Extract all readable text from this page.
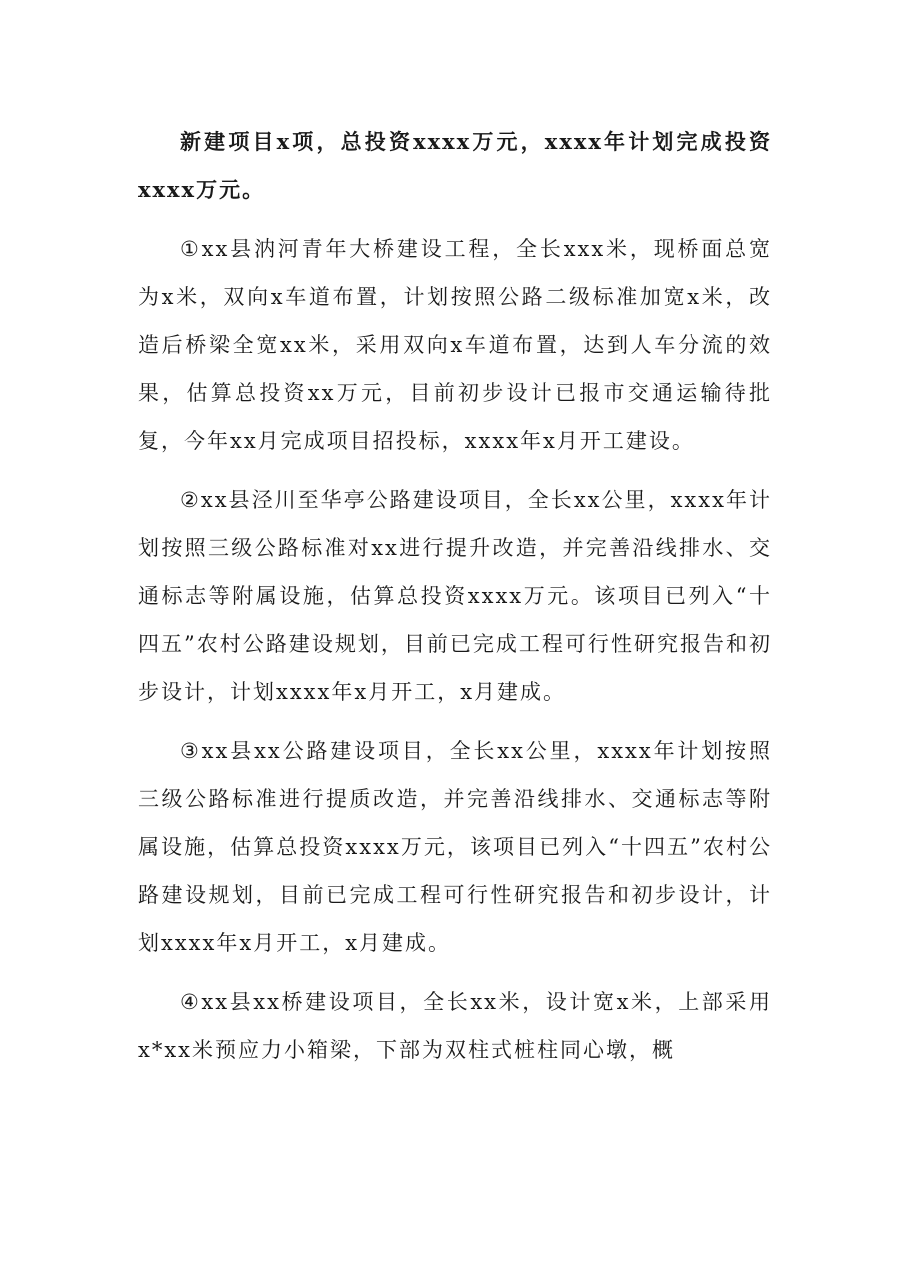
新建项目x项，总投资xxxx万元，xxxx年计划完成投资xxxx万元。

①xx县汭河青年大桥建设工程，全长xxx米，现桥面总宽为x米，双向x车道布置，计划按照公路二级标准加宽x米，改造后桥梁全宽xx米，采用双向x车道布置，达到人车分流的效果，估算总投资xx万元，目前初步设计已报市交通运输待批复，今年xx月完成项目招投标，xxxx年x月开工建设。

②xx县泾川至华亭公路建设项目，全长xx公里，xxxx年计划按照三级公路标准对xx进行提升改造，并完善沿线排水、交通标志等附属设施，估算总投资xxxx万元。该项目已列入“十四五”农村公路建设规划，目前已完成工程可行性研究报告和初步设计，计划xxxx年x月开工，x月建成。

③xx县xx公路建设项目，全长xx公里，xxxx年计划按照三级公路标准进行提质改造，并完善沿线排水、交通标志等附属设施，估算总投资xxxx万元，该项目已列入“十四五”农村公路建设规划，目前已完成工程可行性研究报告和初步设计，计划xxxx年x月开工，x月建成。

④xx县xx桥建设项目，全长xx米，设计宽x米，上部采用x*xx米预应力小箱梁，下部为双柱式桩柱同心墩，概
